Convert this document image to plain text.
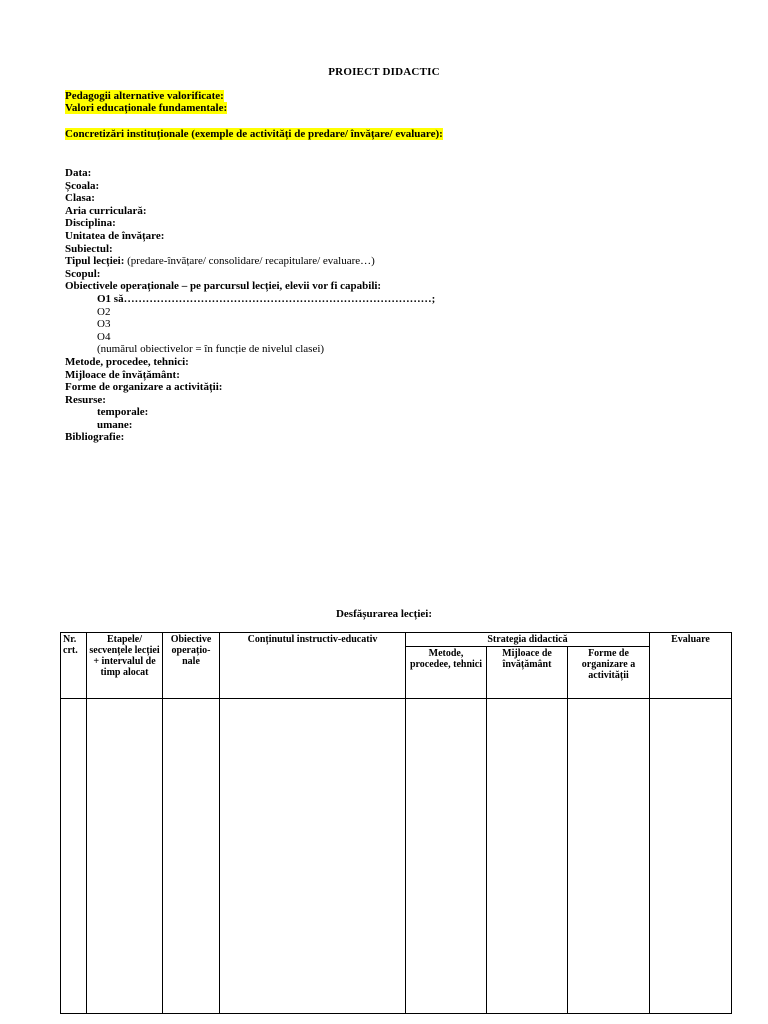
PROIECT DIDACTIC
Pedagogii alternative valorificate:
Valori educaționale fundamentale:
Concretizări instituționale (exemple de activități de predare/ învățare/ evaluare):
Data:
Școala:
Clasa:
Aria curriculară:
Disciplina:
Unitatea de învățare:
Subiectul:
Tipul lecției: (predare-învățare/ consolidare/ recapitulare/ evaluare…)
Scopul:
Obiectivele operaționale – pe parcursul lecției, elevii vor fi capabili:
O1 să…………………………………………………………………………;
O2
O3
O4
(numărul obiectivelor = în funcție de nivelul clasei)
Metode, procedee, tehnici:
Mijloace de învățământ:
Forme de organizare a activității:
Resurse:
temporale:
umane:
Bibliografie:
Desfășurarea lecției:
Nr. crt.	Etapele/ secvențele lecției + intervalul de timp alocat	Obiective operațio-nale	Conținutul instructiv-educativ	Strategia didactică			Evaluare
				Metode, procedee, tehnici	Mijloace de învățământ	Forme de organizare a activității	
